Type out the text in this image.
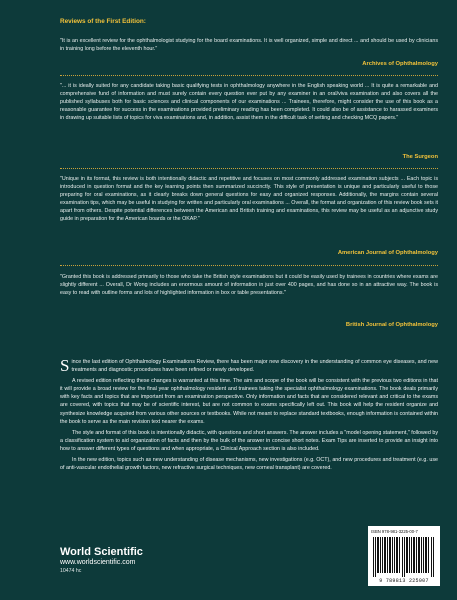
Reviews of the First Edition:
"It is an excellent review for the ophthalmologist studying for the board examinations. It is well organized, simple and direct ... and should be used by clinicians in training long before the eleventh hour."
Archives of Ophthalmology
"... it is ideally suited for any candidate taking basic qualifying tests in ophthalmology anywhere in the English speaking world ... It is quite a remarkable and comprehensive fund of information and must surely contain every question ever put by any examiner in an oral/viva examination and also covers all the published syllabuses both for basic sciences and clinical components of our examinations ... Trainees, therefore, might consider the use of this book as a reasonable guarantee for success in the examinations provided preliminary reading has been completed. It could also be of assistance to harassed examiners in drawing up suitable lists of topics for viva examinations and, in addition, assist them in the difficult task of setting and checking MCQ papers."
The Surgeon
"Unique in its format, this review is both intentionally didactic and repetitive and focuses on most commonly addressed examination subjects ... Each topic is introduced in question format and the key learning points then summarized succinctly. This style of presentation is unique and particularly useful to those preparing for oral examinations, as it clearly breaks down general questions for easy and organized responses. Additionally, the margins contain several examination tips, which may be useful in studying for written and particularly oral examinations ... Overall, the format and organization of this review book sets it apart from others. Despite potential differences between the American and British training and examinations, this review may be useful as an adjunctive study guide in preparation for the American boards or the OKAP."
American Journal of Ophthalmology
"Granted this book is addressed primarily to those who take the British style examinations but it could be easily used by trainees in countries where exams are slightly different ... Overall, Dr Wong includes an enormous amount of information in just over 400 pages, and has done so in an attractive way. The book is easy to read with outline forms and lots of highlighted information in box or table presentations."
British Journal of Ophthalmology

Since the last edition of Ophthalmology Examinations Review, there has been major new discovery in the understanding of common eye diseases, and new treatments and diagnostic procedures have been refined or newly developed.

A revised edition reflecting these changes is warranted at this time. The aim and scope of the book will be consistent with the previous two editions in that it will provide a broad review for the final year ophthalmology resident and trainees taking the specialist ophthalmology examinations. The book deals primarily with key facts and topics that are important from an examination perspective. Only information and facts that are considered relevant and critical to the exams are covered, with topics that may be of scientific interest, but are not common to exams specifically left out. This book will help the resident organize and synthesize knowledge acquired from various other sources or textbooks. While not meant to replace standard textbooks, enough information is contained within the book to serve as the main revision text nearer the exams.

The style and format of this book is intentionally didactic, with questions and short answers. The answer includes a "model opening statement," followed by a classification system to aid organization of facts and then by the bulk of the answer in concise short notes. Exam Tips are inserted to provide an insight into how to answer different types of questions and when appropriate, a Clinical Approach section is also included.

In the new edition, topics such as new understanding of disease mechanisms, new investigations (e.g. OCT), and new procedures and treatment (e.g. use of anti-vascular endothelial growth factors, new refractive surgical techniques, new corneal transplant) are covered.

World Scientific
www.worldscientific.com
10474 hc
ISBN 978-981-3225-00-7
9 789813 225007
